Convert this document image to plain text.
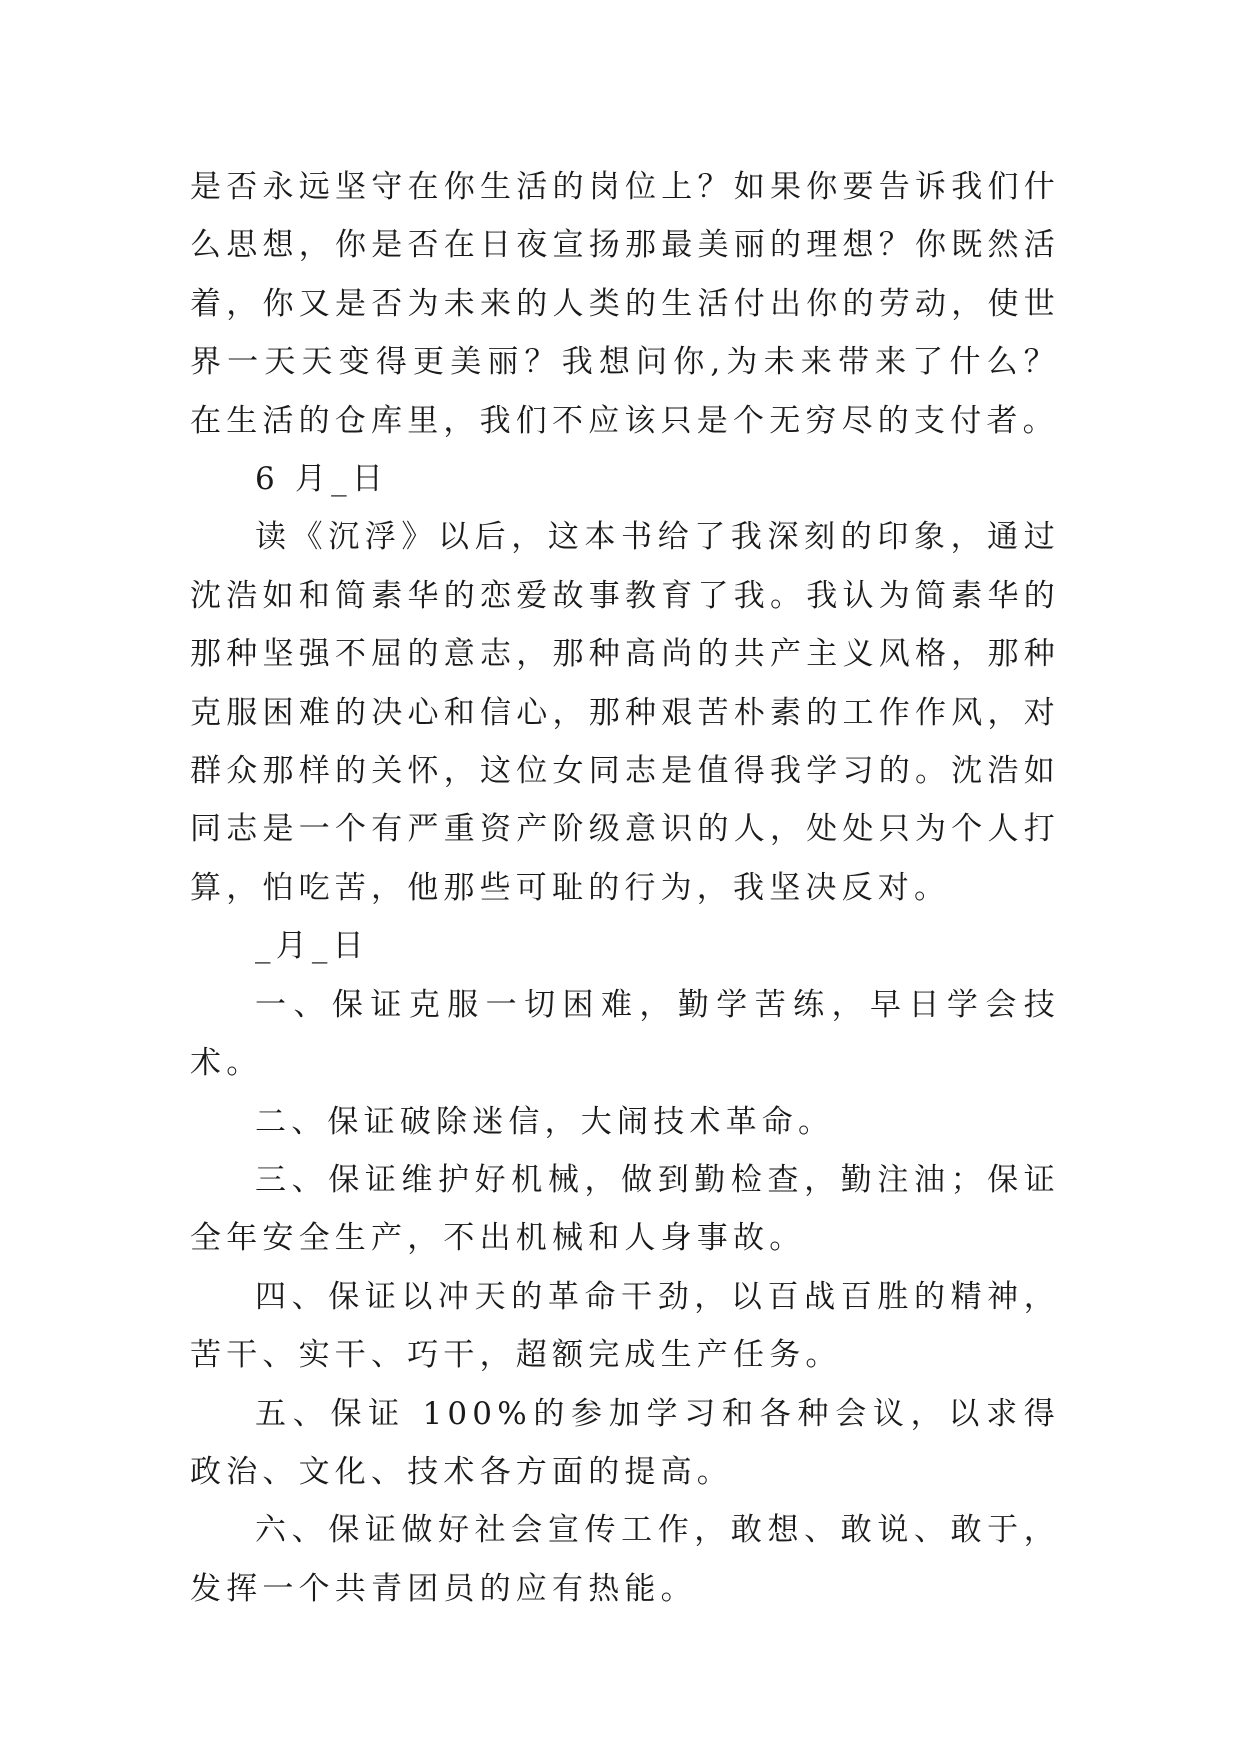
是否永远坚守在你生活的岗位上？如果你要告诉我们什么思想，你是否在日夜宣扬那最美丽的理想？你既然活着，你又是否为未来的人类的生活付出你的劳动，使世界一天天变得更美丽？我想问你,为未来带来了什么？在生活的仓库里，我们不应该只是个无穷尽的支付者。

6 月_日

读《沉浮》以后，这本书给了我深刻的印象，通过沈浩如和简素华的恋爱故事教育了我。我认为简素华的那种坚强不屈的意志，那种高尚的共产主义风格，那种克服困难的决心和信心，那种艰苦朴素的工作作风，对群众那样的关怀，这位女同志是值得我学习的。沈浩如同志是一个有严重资产阶级意识的人，处处只为个人打算，怕吃苦，他那些可耻的行为，我坚决反对。

_月_日

一、保证克服一切困难，勤学苦练，早日学会技术。

二、保证破除迷信，大闹技术革命。

三、保证维护好机械，做到勤检查，勤注油；保证全年安全生产，不出机械和人身事故。

四、保证以冲天的革命干劲，以百战百胜的精神，苦干、实干、巧干，超额完成生产任务。

五、保证 100%的参加学习和各种会议，以求得政治、文化、技术各方面的提高。

六、保证做好社会宣传工作，敢想、敢说、敢于，发挥一个共青团员的应有热能。
